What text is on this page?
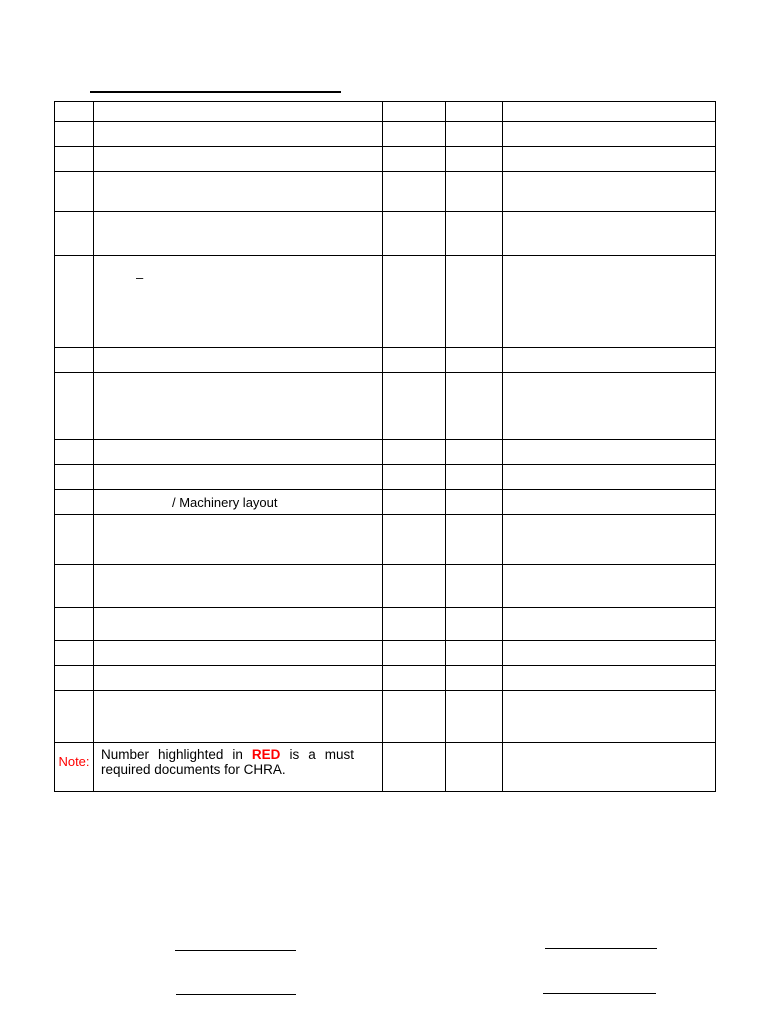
	–			

	/ Machinery layout			

Note:	Number highlighted in RED is a must required documents for CHRA.			
